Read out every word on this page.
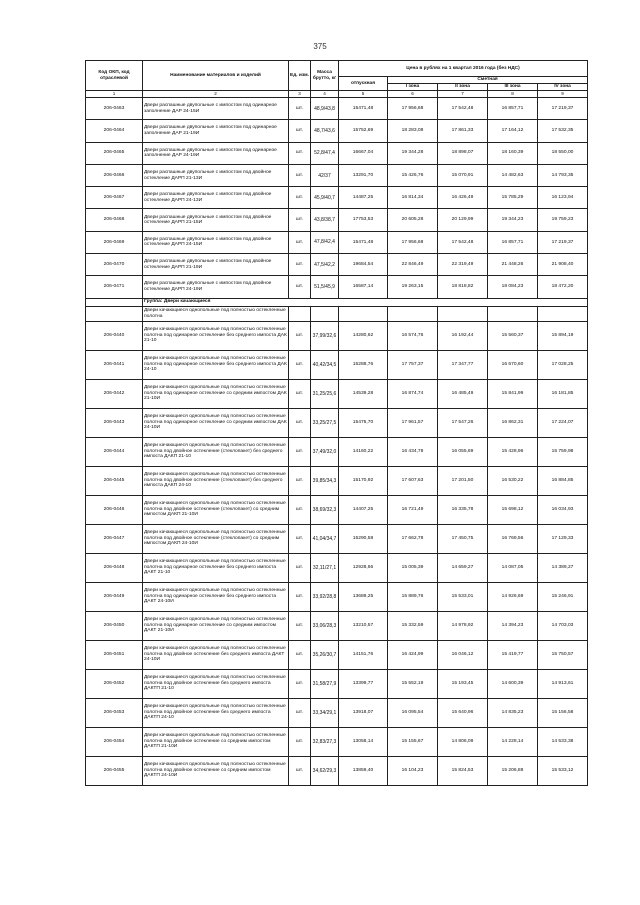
375
Код ОКП, код отраслевой	Наименование материалов и изделий	Ед. изм.	Масса брутто, кг	Цена в рублях на 1 квартал 2016 года (без НДС)				
				отпускная	Сметная			
					I зона	II зона	III зона	IV зона
1	2	3	4	5	6	7	8	9
206-0463	Двери распашные двупольные с импостом под одинарное заполнение ДАР 24-15И	шт.	48,9/43,8	15471,48	17 956,68	17 542,48	16 857,71	17 219,37
206-0464	Двери распашные двупольные с импостом под одинарное заполнение ДАР 21-19И	шт.	48,7/43,6	15752,69	18 283,08	17 861,33	17 164,12	17 532,35
206-0465	Двери распашные двупольные с импостом под одинарное заполнение ДАР 24-19И	шт.	52,8/47,4	16667,04	19 344,28	18 898,07	18 160,39	18 550,00
206-0466	Двери распашные двупольные с импостом под двойное остекление ДАРП 21-13И	шт.	42/37	13291,70	15 426,76	15 070,91	14 482,63	14 793,35
206-0467	Двери распашные двупольные с импостом под двойное остекление ДАРП 24-13И	шт.	45,9/40,7	14487,25	16 814,34	16 426,49	15 785,29	16 123,94
206-0468	Двери распашные двупольные с импостом под двойное остекление ДАРП 21-15И	шт.	43,8/38,7	17753,53	20 605,28	20 129,99	19 344,23	19 759,23
206-0469	Двери распашные двупольные с импостом под двойное остекление ДАРП 24-15И	шт.	47,8/42,4	15471,48	17 956,68	17 542,48	16 857,71	17 219,37
206-0470	Двери распашные двупольные с импостом под двойное остекление ДАРП 21-19И	шт.	47,5/42,2	19684,54	22 846,49	22 319,49	21 448,26	21 908,40
206-0471	Двери распашные двупольные с импостом под двойное остекление ДАРП 24-19И	шт.	51,5/45,9	16587,14	19 263,15	18 818,82	18 084,23	18 472,20
	Группа: Двери качающиеся							
	Двери качающиеся однопольные под полностью остекленные полотна							
206-0440	Двери качающиеся однопольные под полностью остекленные полотна под одинарное остекление без среднего импоста ДАК 21-10	шт.	37,99/32,6	14280,62	16 574,76	16 192,44	15 560,37	15 894,19
206-0441	Двери качающиеся однопольные под полностью остекленные полотна под одинарное остекление без среднего импоста ДАК 24-10	шт.	40,42/34,5	15288,76	17 757,37	17 347,77	16 670,60	17 028,25
206-0442	Двери качающиеся однопольные под полностью остекленные полотна под одинарное остекление со средним импостом ДАК 21-10И	шт.	31,25/25,6	14539,28	16 874,74	16 485,49	15 841,99	16 181,85
206-0443	Двери качающиеся однопольные под полностью остекленные полотна под одинарное остекление со средним импостом ДАК 24-10И	шт.	33,25/27,5	15475,70	17 961,57	17 547,26	16 862,31	17 224,07
206-0444	Двери качающиеся однопольные под полностью остекленные полотна под двойное остекление (стеклопакет) без среднего импоста ДАКП 21-10	шт.	37,49/32,0	14160,22	16 434,78	16 055,69	15 428,96	15 759,98
206-0445	Двери качающиеся однопольные под полностью остекленные полотна под двойное остекление (стеклопакет) без среднего импоста ДАКП 24-10	шт.	39,85/34,3	15170,92	17 607,63	17 201,50	16 530,22	16 884,85
206-0446	Двери качающиеся однопольные под полностью остекленные полотна под двойное остекление (стеклопакет) со средним импостом ДАКП 21-10И	шт.	38,69/32,3	14407,25	16 721,49	16 335,78	15 698,12	16 034,93
206-0447	Двери качающиеся однопольные под полностью остекленные полотна под двойное остекление (стеклопакет) со средним импостом ДАКП 24-10И	шт.	41,04/34,7	15290,58	17 662,78	17 450,75	16 769,56	17 129,33
206-0448	Двери качающиеся однопольные под полностью остекленные полотна под одинарное остекление без среднего импоста ДАКТ 21-10	шт.	32,11/27,1	12928,66	15 005,39	14 659,27	14 087,05	14 389,27
206-0449	Двери качающиеся однопольные под полностью остекленные полотна под одинарное остекление без среднего импоста ДАКТ 24-10И	шт.	33,92/28,8	13689,25	15 889,76	15 533,01	14 926,69	15 246,91
206-0450	Двери качающиеся однопольные под полностью остекленные полотна под одинарное остекление со средним импостом ДАКТ 21-10И	шт.	33,06/28,3	13210,57	15 332,59	14 978,92	14 394,23	14 703,03
206-0451	Двери качающиеся однопольные под полностью остекленные полотна под двойное остекление без среднего импоста ДАКТ 24-10И	шт.	35,26/30,7	14151,76	16 424,99	16 046,12	15 419,77	15 750,57
206-0452	Двери качающиеся однопольные под полностью остекленные полотна под двойное остекление без среднего импоста ДАКТП 21-10	шт.	31,58/27,9	13399,77	15 552,19	15 193,45	14 600,39	14 913,61
206-0453	Двери качающиеся однопольные под полностью остекленные полотна под двойное остекление без среднего импоста ДАКТП 24-10	шт.	33,34/29,1	13918,07	16 095,54	15 640,96	14 835,23	15 156,58
206-0454	Двери качающиеся однопольные под полностью остекленные полотна под двойное остекление со средним импостом ДАКТП 21-10И	шт.	32,83/27,3	13058,14	15 155,67	14 806,09	14 228,14	14 533,38
206-0455	Двери качающиеся однопольные под полностью остекленные полотна под двойное остекление со средним импостом ДАКТП 24-10И	шт.	34,62/29,3	13859,40	16 104,23	15 824,53	15 206,88	15 533,12
